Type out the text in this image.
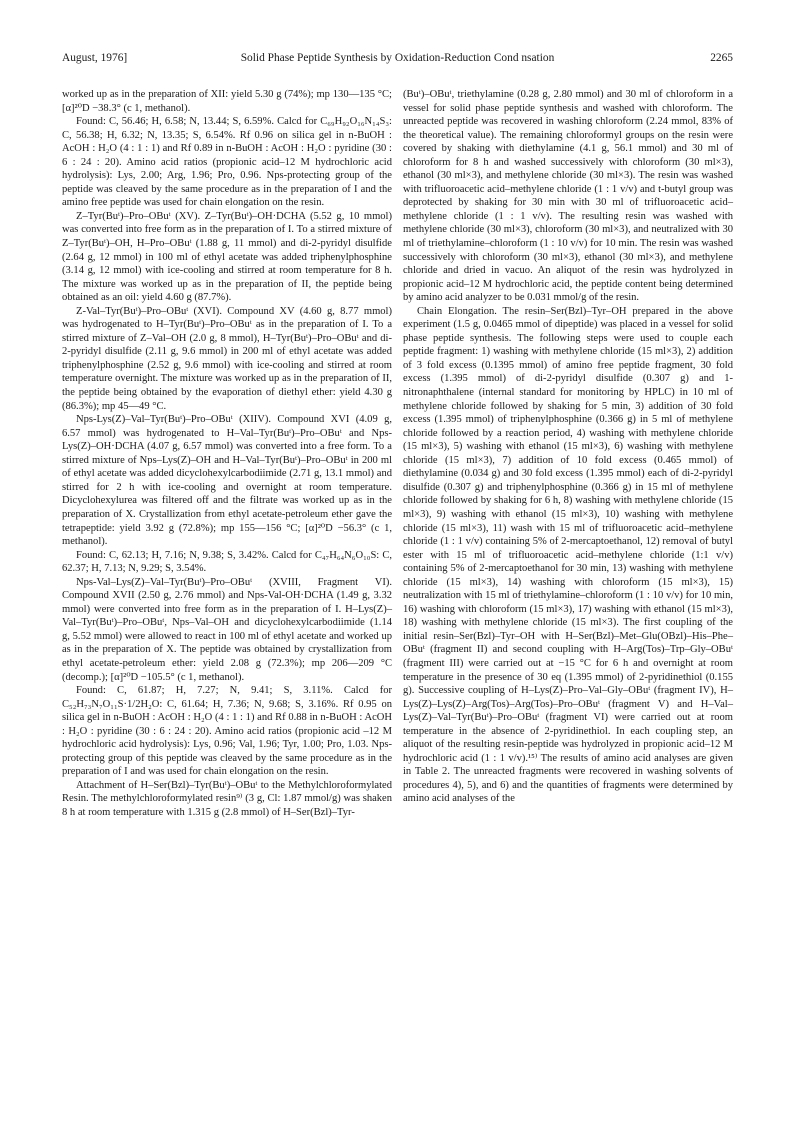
August, 1976]	Solid Phase Peptide Synthesis by Oxidation-Reduction Cond nsation	2265

worked up as in the preparation of XII: yield 5.30 g (74%); mp 130—135 °C; [α]²⁰D −38.3° (c 1, methanol).

Found: C, 56.46; H, 6.58; N, 13.44; S, 6.59%. Calcd for C₆₉H₉₂O₁₆N₁₄S₃: C, 56.38; H, 6.32; N, 13.35; S, 6.54%. Rf 0.96 on silica gel in n-BuOH : AcOH : H₂O (4 : 1 : 1) and Rf 0.89 in n-BuOH : AcOH : H₂O : pyridine (30 : 6 : 24 : 20). Amino acid ratios (propionic acid–12 M hydrochloric acid hydrolysis): Lys, 2.00; Arg, 1.96; Pro, 0.96. Nps-protecting group of the peptide was cleaved by the same procedure as in the preparation of I and the amino free peptide was used for chain elongation on the resin.

Z–Tyr(Buᵗ)–Pro–OBuᵗ (XV). Z–Tyr(Buᵗ)–OH·DCHA (5.52 g, 10 mmol) was converted into free form as in the preparation of I. To a stirred mixture of Z–Tyr(Buᵗ)–OH, H–Pro–OBuᵗ (1.88 g, 11 mmol) and di-2-pyridyl disulfide (2.64 g, 12 mmol) in 100 ml of ethyl acetate was added triphenylphosphine (3.14 g, 12 mmol) with ice-cooling and stirred at room temperature for 8 h. The mixture was worked up as in the preparation of II, the peptide being obtained as an oil: yield 4.60 g (87.7%).

Z-Val–Tyr(Buᵗ)–Pro–OBuᵗ (XVI). Compound XV (4.60 g, 8.77 mmol) was hydrogenated to H–Tyr(Buᵗ)–Pro–OBuᵗ as in the preparation of I. To a stirred mixture of Z–Val–OH (2.0 g, 8 mmol), H–Tyr(Buᵗ)–Pro–OBuᵗ and di-2-pyridyl disulfide (2.11 g, 9.6 mmol) in 200 ml of ethyl acetate was added triphenylphosphine (2.52 g, 9.6 mmol) with ice-cooling and stirred at room temperature overnight. The mixture was worked up as in the preparation of II, the peptide being obtained by the evaporation of diethyl ether: yield 4.30 g (86.3%); mp 45—49 °C.

Nps-Lys(Z)–Val–Tyr(Buᵗ)–Pro–OBuᵗ (XIIV). Compound XVI (4.09 g, 6.57 mmol) was hydrogenated to H–Val–Tyr(Buᵗ)–Pro–OBuᵗ and Nps-Lys(Z)–OH·DCHA (4.07 g, 6.57 mmol) was converted into a free form. To a stirred mixture of Nps–Lys(Z)–OH and H–Val–Tyr(Buᵗ)–Pro–OBuᵗ in 200 ml of ethyl acetate was added dicyclohexylcarbodiimide (2.71 g, 13.1 mmol) and stirred for 2 h with ice-cooling and overnight at room temperature. Dicyclohexylurea was filtered off and the filtrate was worked up as in the preparation of X. Crystallization from ethyl acetate-petroleum ether gave the tetrapeptide: yield 3.92 g (72.8%); mp 155—156 °C; [α]²⁰D −56.3° (c 1, methanol).

Found: C, 62.13; H, 7.16; N, 9.38; S, 3.42%. Calcd for C₄₇H₆₄N₆O₁₀S: C, 62.37; H, 7.13; N, 9.29; S, 3.54%.

Nps-Val–Lys(Z)–Val–Tyr(Buᵗ)–Pro–OBuᵗ (XVIII, Fragment VI). Compound XVII (2.50 g, 2.76 mmol) and Nps-Val-OH·DCHA (1.49 g, 3.32 mmol) were converted into free form as in the preparation of I. H–Lys(Z)–Val–Tyr(Buᵗ)–Pro–OBuᵗ, Nps–Val–OH and dicyclohexylcarbodiimide (1.14 g, 5.52 mmol) were allowed to react in 100 ml of ethyl acetate and worked up as in the preparation of X. The peptide was obtained by crystallization from ethyl acetate-petroleum ether: yield 2.08 g (72.3%); mp 206—209 °C (decomp.); [α]²⁰D −105.5° (c 1, methanol).

Found: C, 61.87; H, 7.27; N, 9.41; S, 3.11%. Calcd for C₅₂H₇₃N₇O₁₁S·1/2H₂O: C, 61.64; H, 7.36; N, 9.68; S, 3.16%. Rf 0.95 on silica gel in n-BuOH : AcOH : H₂O (4 : 1 : 1) and Rf 0.88 in n-BuOH : AcOH : H₂O : pyridine (30 : 6 : 24 : 20). Amino acid ratios (propionic acid –12 M hydrochloric acid hydrolysis): Lys, 0.96; Val, 1.96; Tyr, 1.00; Pro, 1.03. Nps-protecting group of this peptide was cleaved by the same procedure as in the preparation of I and was used for chain elongation on the resin.

Attachment of H–Ser(Bzl)–Tyr(Buᵗ)–OBuᵗ to the Methylchloroformylated Resin. The methylchloroformylated resin⁹⁾ (3 g, Cl: 1.87 mmol/g) was shaken 8 h at room temperature with 1.315 g (2.8 mmol) of H–Ser(Bzl)–Tyr-

(Buᵗ)–OBuᵗ, triethylamine (0.28 g, 2.80 mmol) and 30 ml of chloroform in a vessel for solid phase peptide synthesis and washed with chloroform. The unreacted peptide was recovered in washing chloroform (2.24 mmol, 83% of the theoretical value). The remaining chloroformyl groups on the resin were covered by shaking with diethylamine (4.1 g, 56.1 mmol) and 30 ml of chloroform for 8 h and washed successively with chloroform (30 ml×3), ethanol (30 ml×3), and methylene chloride (30 ml×3). The resin was washed with trifluoroacetic acid–methylene chloride (1 : 1 v/v) and t-butyl group was deprotected by shaking for 30 min with 30 ml of trifluoroacetic acid–methylene chloride (1 : 1 v/v). The resulting resin was washed with methylene chloride (30 ml×3), chloroform (30 ml×3), and neutralized with 30 ml of triethylamine–chloroform (1 : 10 v/v) for 10 min. The resin was washed successively with chloroform (30 ml×3), ethanol (30 ml×3), and methylene chloride and dried in vacuo. An aliquot of the resin was hydrolyzed in propionic acid–12 M hydrochloric acid, the peptide content being determined by amino acid analyzer to be 0.031 mmol/g of the resin.

Chain Elongation. The resin–Ser(Bzl)–Tyr–OH prepared in the above experiment (1.5 g, 0.0465 mmol of dipeptide) was placed in a vessel for solid phase peptide synthesis. The following steps were used to couple each peptide fragment: 1) washing with methylene chloride (15 ml×3), 2) addition of 3 fold excess (0.1395 mmol) of amino free peptide fragment, 30 fold excess (1.395 mmol) of di-2-pyridyl disulfide (0.307 g) and 1-nitronaphthalene (internal standard for monitoring by HPLC) in 10 ml of methylene chloride followed by shaking for 5 min, 3) addition of 30 fold excess (1.395 mmol) of triphenylphosphine (0.366 g) in 5 ml of methylene chloride followed by a reaction period, 4) washing with methylene chloride (15 ml×3), 5) washing with ethanol (15 ml×3), 6) washing with methylene chloride (15 ml×3), 7) addition of 10 fold excess (0.465 mmol) of diethylamine (0.034 g) and 30 fold excess (1.395 mmol) each of di-2-pyridyl disulfide (0.307 g) and triphenylphosphine (0.366 g) in 15 ml of methylene chloride followed by shaking for 6 h, 8) washing with methylene chloride (15 ml×3), 9) washing with ethanol (15 ml×3), 10) washing with methylene chloride (15 ml×3), 11) wash with 15 ml of trifluoroacetic acid–methylene chloride (1 : 1 v/v) containing 5% of 2-mercaptoethanol, 12) removal of butyl ester with 15 ml of trifluoroacetic acid–methylene chloride (1:1 v/v) containing 5% of 2-mercaptoethanol for 30 min, 13) washing with methylene chloride (15 ml×3), 14) washing with chloroform (15 ml×3), 15) neutralization with 15 ml of triethylamine–chloroform (1 : 10 v/v) for 10 min, 16) washing with chloroform (15 ml×3), 17) washing with ethanol (15 ml×3), 18) washing with methylene chloride (15 ml×3). The first coupling of the initial resin–Ser(Bzl)–Tyr–OH with H–Ser(Bzl)–Met–Glu(OBzl)–His–Phe–OBuᵗ (fragment II) and second coupling with H–Arg(Tos)–Trp–Gly–OBuᵗ (fragment III) were carried out at −15 °C for 6 h and overnight at room temperature in the presence of 30 eq (1.395 mmol) of 2-pyridinethiol (0.155 g). Successive coupling of H–Lys(Z)–Pro–Val–Gly–OBuᵗ (fragment IV), H–Lys(Z)–Lys(Z)–Arg(Tos)–Arg(Tos)–Pro–OBuᵗ (fragment V) and H–Val–Lys(Z)–Val–Tyr(Buᵗ)–Pro–OBuᵗ (fragment VI) were carried out at room temperature in the absence of 2-pyridinethiol. In each coupling step, an aliquot of the resulting resin-peptide was hydrolyzed in propionic acid–12 M hydrochloric acid (1 : 1 v/v).¹⁵⁾ The results of amino acid analyses are given in Table 2. The unreacted fragments were recovered in washing solvents of procedures 4), 5), and 6) and the quantities of fragments were determined by amino acid analyses of the
